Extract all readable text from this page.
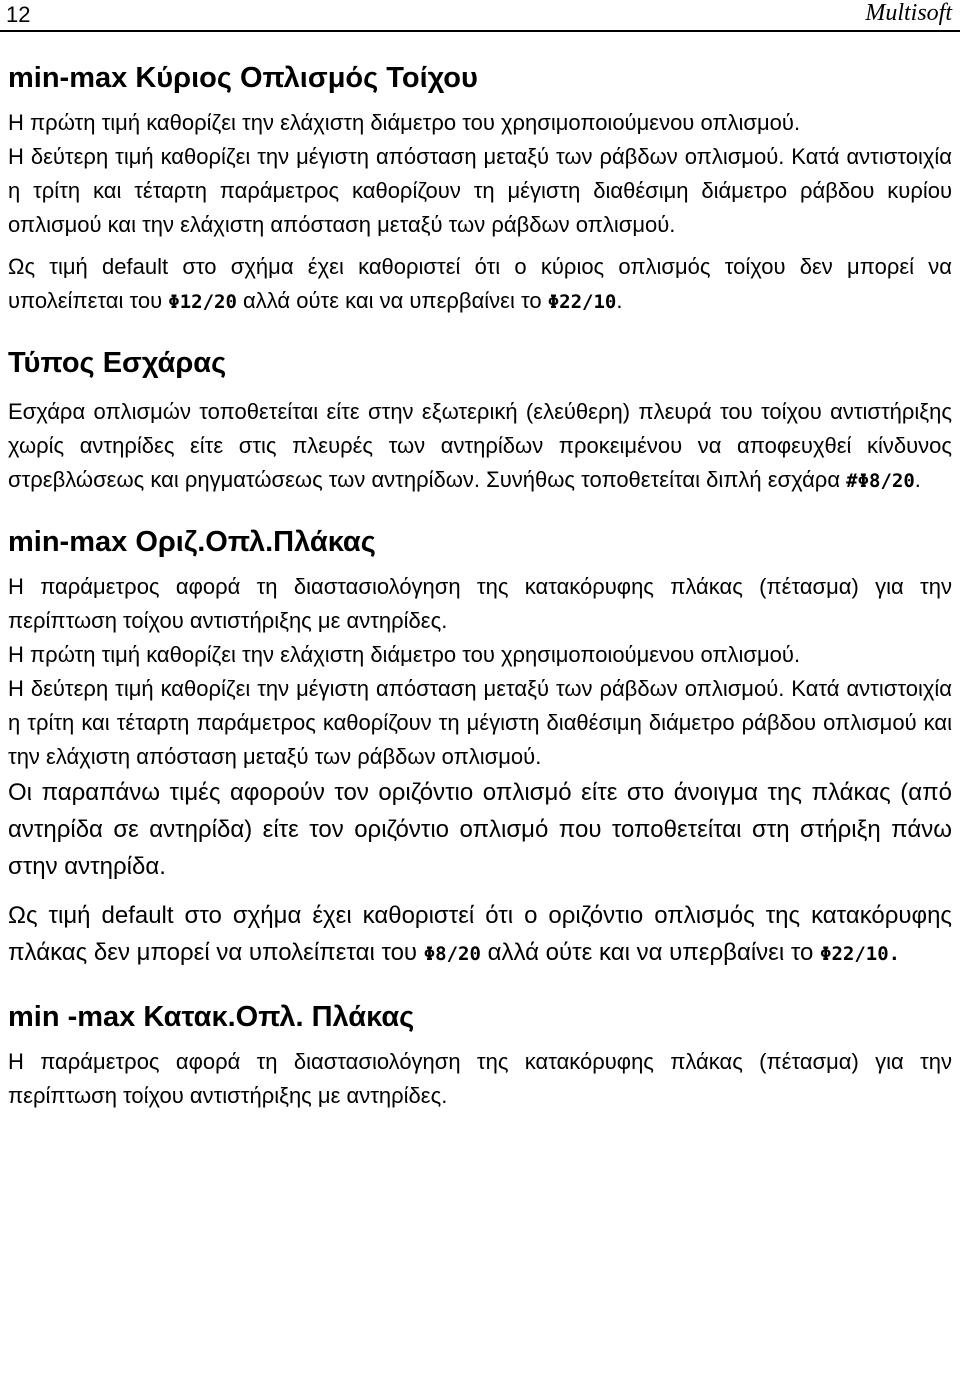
12	Multisoft
min-max Κύριος Οπλισμός Τοίχου

Η πρώτη τιμή καθορίζει την ελάχιστη διάμετρο του χρησιμοποιούμενου οπλισμού.

Η δεύτερη τιμή καθορίζει την μέγιστη απόσταση μεταξύ των ράβδων οπλισμού. Κατά αντιστοιχία η τρίτη και τέταρτη παράμετρος καθορίζουν τη μέγιστη διαθέσιμη διάμετρο ράβδου κυρίου οπλισμού και την ελάχιστη απόσταση μεταξύ των ράβδων οπλισμού.

Ως τιμή default στο σχήμα έχει καθοριστεί ότι ο κύριος οπλισμός τοίχου δεν μπορεί να υπολείπεται του Φ12/20 αλλά ούτε και να υπερβαίνει το Φ22/10.

Τύπος Εσχάρας

Εσχάρα οπλισμών τοποθετείται είτε στην εξωτερική (ελεύθερη) πλευρά του τοίχου αντιστήριξης χωρίς αντηρίδες είτε στις πλευρές των αντηρίδων προκειμένου να αποφευχθεί κίνδυνος στρεβλώσεως και ρηγματώσεως των αντηρίδων. Συνήθως τοποθετείται διπλή εσχάρα #Φ8/20.

min-max Οριζ.Οπλ.Πλάκας

Η παράμετρος αφορά τη διαστασιολόγηση της κατακόρυφης πλάκας (πέτασμα) για την περίπτωση τοίχου αντιστήριξης με αντηρίδες.

Η πρώτη τιμή καθορίζει την ελάχιστη διάμετρο του χρησιμοποιούμενου οπλισμού.

Η δεύτερη τιμή καθορίζει την μέγιστη απόσταση μεταξύ των ράβδων οπλισμού. Κατά αντιστοιχία η τρίτη και τέταρτη παράμετρος καθορίζουν τη μέγιστη διαθέσιμη διάμετρο ράβδου οπλισμού και την ελάχιστη απόσταση μεταξύ των ράβδων οπλισμού.

Οι παραπάνω τιμές αφορούν τον οριζόντιο οπλισμό είτε στο άνοιγμα της πλάκας (από αντηρίδα σε αντηρίδα) είτε τον οριζόντιο οπλισμό που τοποθετείται στη στήριξη πάνω στην αντηρίδα.

Ως τιμή default στο σχήμα έχει καθοριστεί ότι ο οριζόντιο οπλισμός της κατακόρυφης πλάκας δεν μπορεί να υπολείπεται του Φ8/20 αλλά ούτε και να υπερβαίνει το Φ22/10.

min -max Κατακ.Οπλ. Πλάκας

Η παράμετρος αφορά τη διαστασιολόγηση της κατακόρυφης πλάκας (πέτασμα) για την περίπτωση τοίχου αντιστήριξης με αντηρίδες.
